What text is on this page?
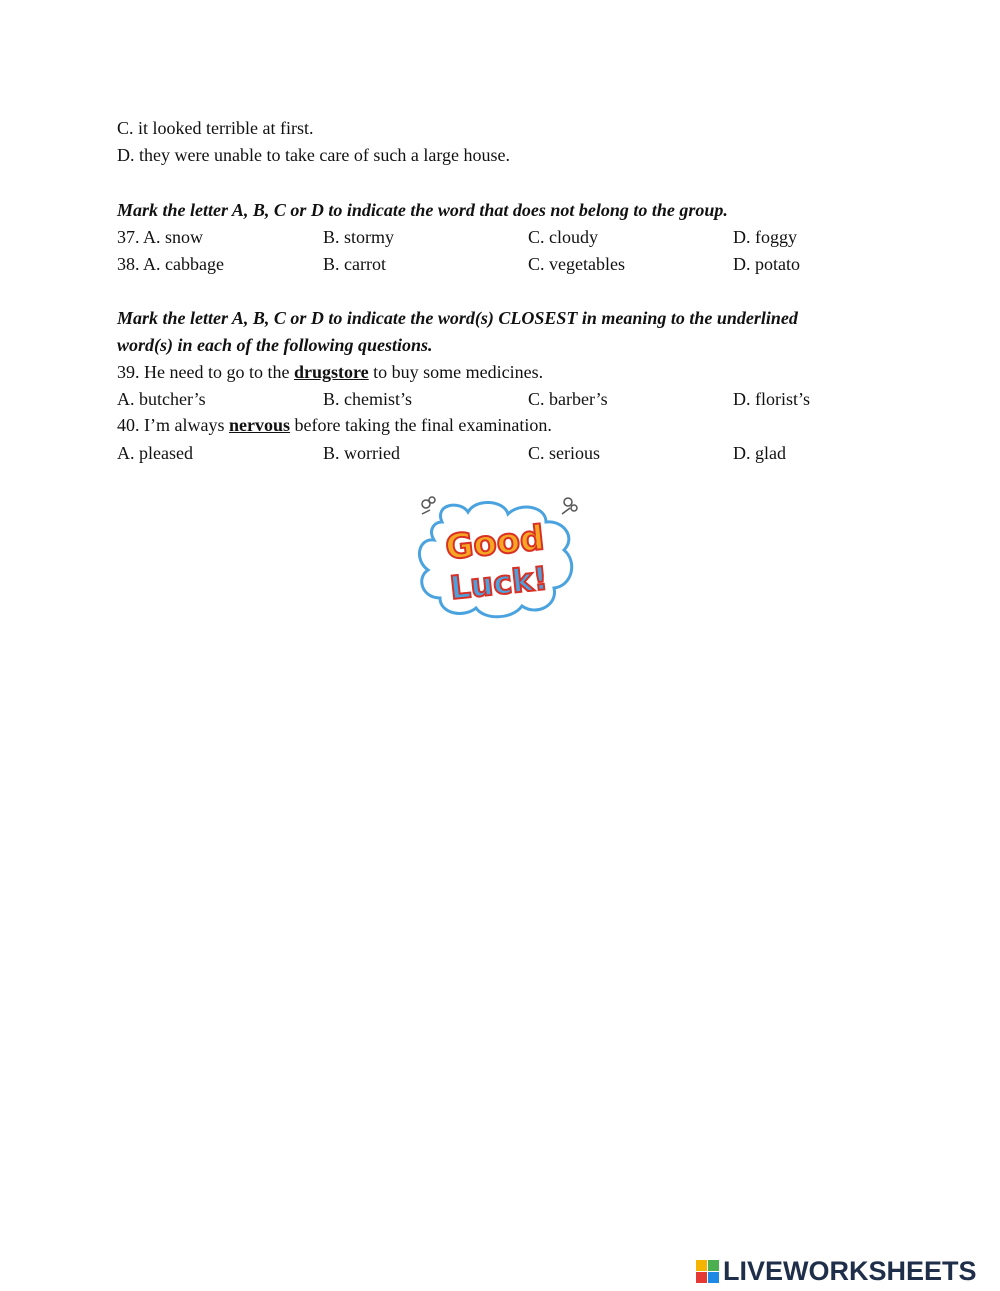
C. it looked terrible at first.
D. they were unable to take care of such a large house.
Mark the letter A, B, C or D to indicate the word that does not belong to the group.
37. A. snow	B. stormy	C. cloudy	D. foggy
38. A. cabbage	B. carrot	C. vegetables	D. potato
Mark the letter A, B, C or D to indicate the word(s) CLOSEST in meaning to the underlined
word(s) in each of the following questions.
39. He need to go to the drugstore to buy some medicines.
A. butcher’s	B. chemist’s	C. barber’s	D. florist’s
40. I’m always nervous before taking the final examination.
A. pleased	B. worried	C. serious	D. glad
Good
Luck!
LIVEWORKSHEETS
